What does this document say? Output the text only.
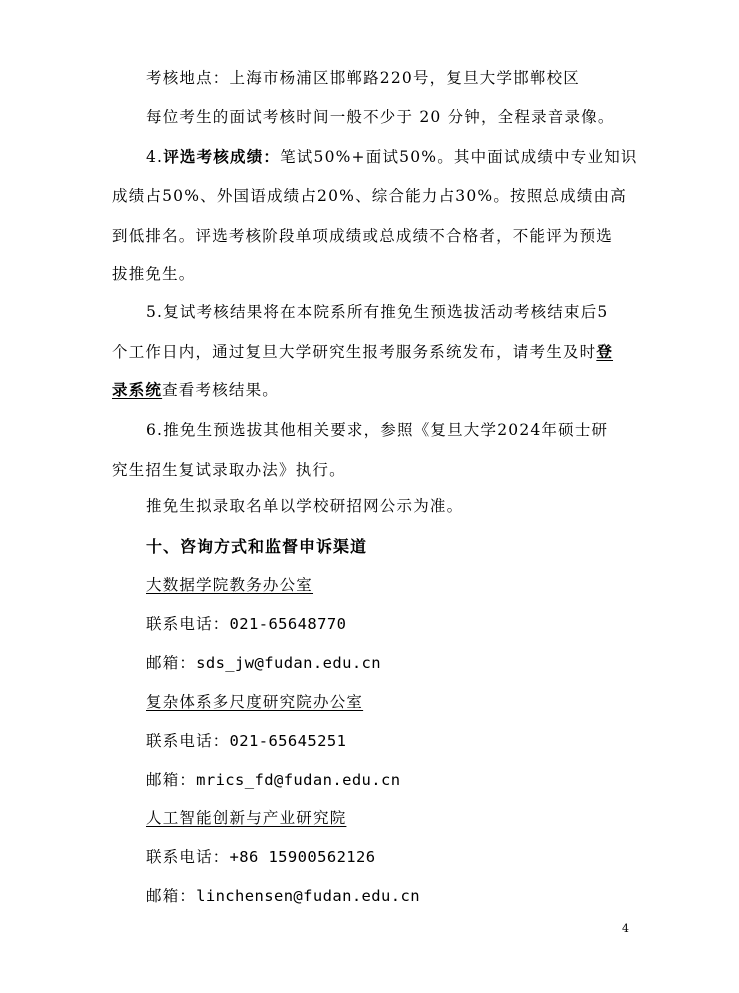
考核地点：上海市杨浦区邯郸路220号，复旦大学邯郸校区
每位考生的面试考核时间一般不少于 20 分钟，全程录音录像。
4.评选考核成绩：笔试50%+面试50%。其中面试成绩中专业知识
成绩占50%、外国语成绩占20%、综合能力占30%。按照总成绩由高
到低排名。评选考核阶段单项成绩或总成绩不合格者，不能评为预选
拔推免生。
5.复试考核结果将在本院系所有推免生预选拔活动考核结束后5
个工作日内，通过复旦大学研究生报考服务系统发布，请考生及时登
录系统查看考核结果。
6.推免生预选拔其他相关要求，参照《复旦大学2024年硕士研
究生招生复试录取办法》执行。
推免生拟录取名单以学校研招网公示为准。
十、咨询方式和监督申诉渠道
大数据学院教务办公室
联系电话：021-65648770
邮箱：sds_jw@fudan.edu.cn
复杂体系多尺度研究院办公室
联系电话：021-65645251
邮箱：mrics_fd@fudan.edu.cn
人工智能创新与产业研究院
联系电话：+86 15900562126
邮箱：linchensen@fudan.edu.cn
4
